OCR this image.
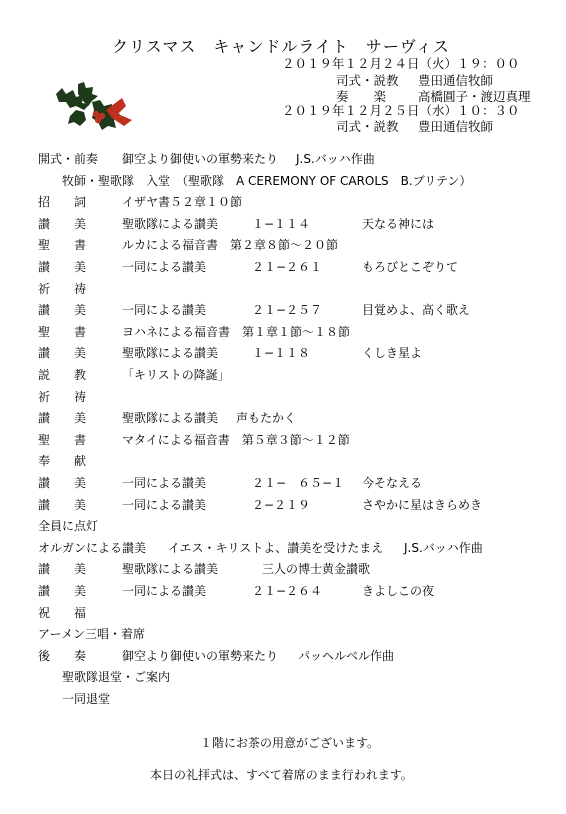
クリスマス　キャンドルライト　サーヴィス
２０１９年１２月２４日（火）１９：００
司式・説教 豊田通信牧師
奏　　楽	高橋圓子・渡辺真理
２０１９年１２月２５日（水）１０：３０
司式・説教 豊田通信牧師
開式・前奏 御空より御使いの軍勢来たり J.S.バッハ作曲
牧師・聖歌隊　入堂　（聖歌隊　A CEREMONY OF CAROLS　B.ブリテン）
招　　詞	イザヤ書５２章１０節
讃　　美	聖歌隊による讃美	１−１１４	天なる神には
聖　　書	ルカによる福音書　第２章８節〜２０節
讃　　美	一同による讃美	２１−２６１	もろびとこぞりて
祈　　祷
讃　　美	一同による讃美	２１−２５７	目覚めよ、高く歌え
聖　　書	ヨハネによる福音書　第１章１節〜１８節
讃　　美	聖歌隊による讃美	１−１１８	くしき星よ
説　　教	「キリストの降誕」
祈　　祷
讃　　美	聖歌隊による讃美 声もたかく
聖　　書	マタイによる福音書　第５章３節〜１２節
奉　　献
讃　　美	一同による讃美	２１−　６５−１ 今そなえる
讃　　美	一同による讃美	２−２１９	さやかに星はきらめき
全員に点灯
オルガンによる讃美 イエス・キリストよ、讃美を受けたまえ J.S.バッハ作曲
讃　　美	聖歌隊による讃美	三人の博士黄金讃歌
讃　　美	一同による讃美	２１−２６４	きよしこの夜
祝　　福
アーメン三唱・着席
後　　奏	御空より御使いの軍勢来たり パッヘルベル作曲
聖歌隊退堂・ご案内
一同退堂
１階にお茶の用意がございます。
本日の礼拝式は、すべて着席のまま行われます。
